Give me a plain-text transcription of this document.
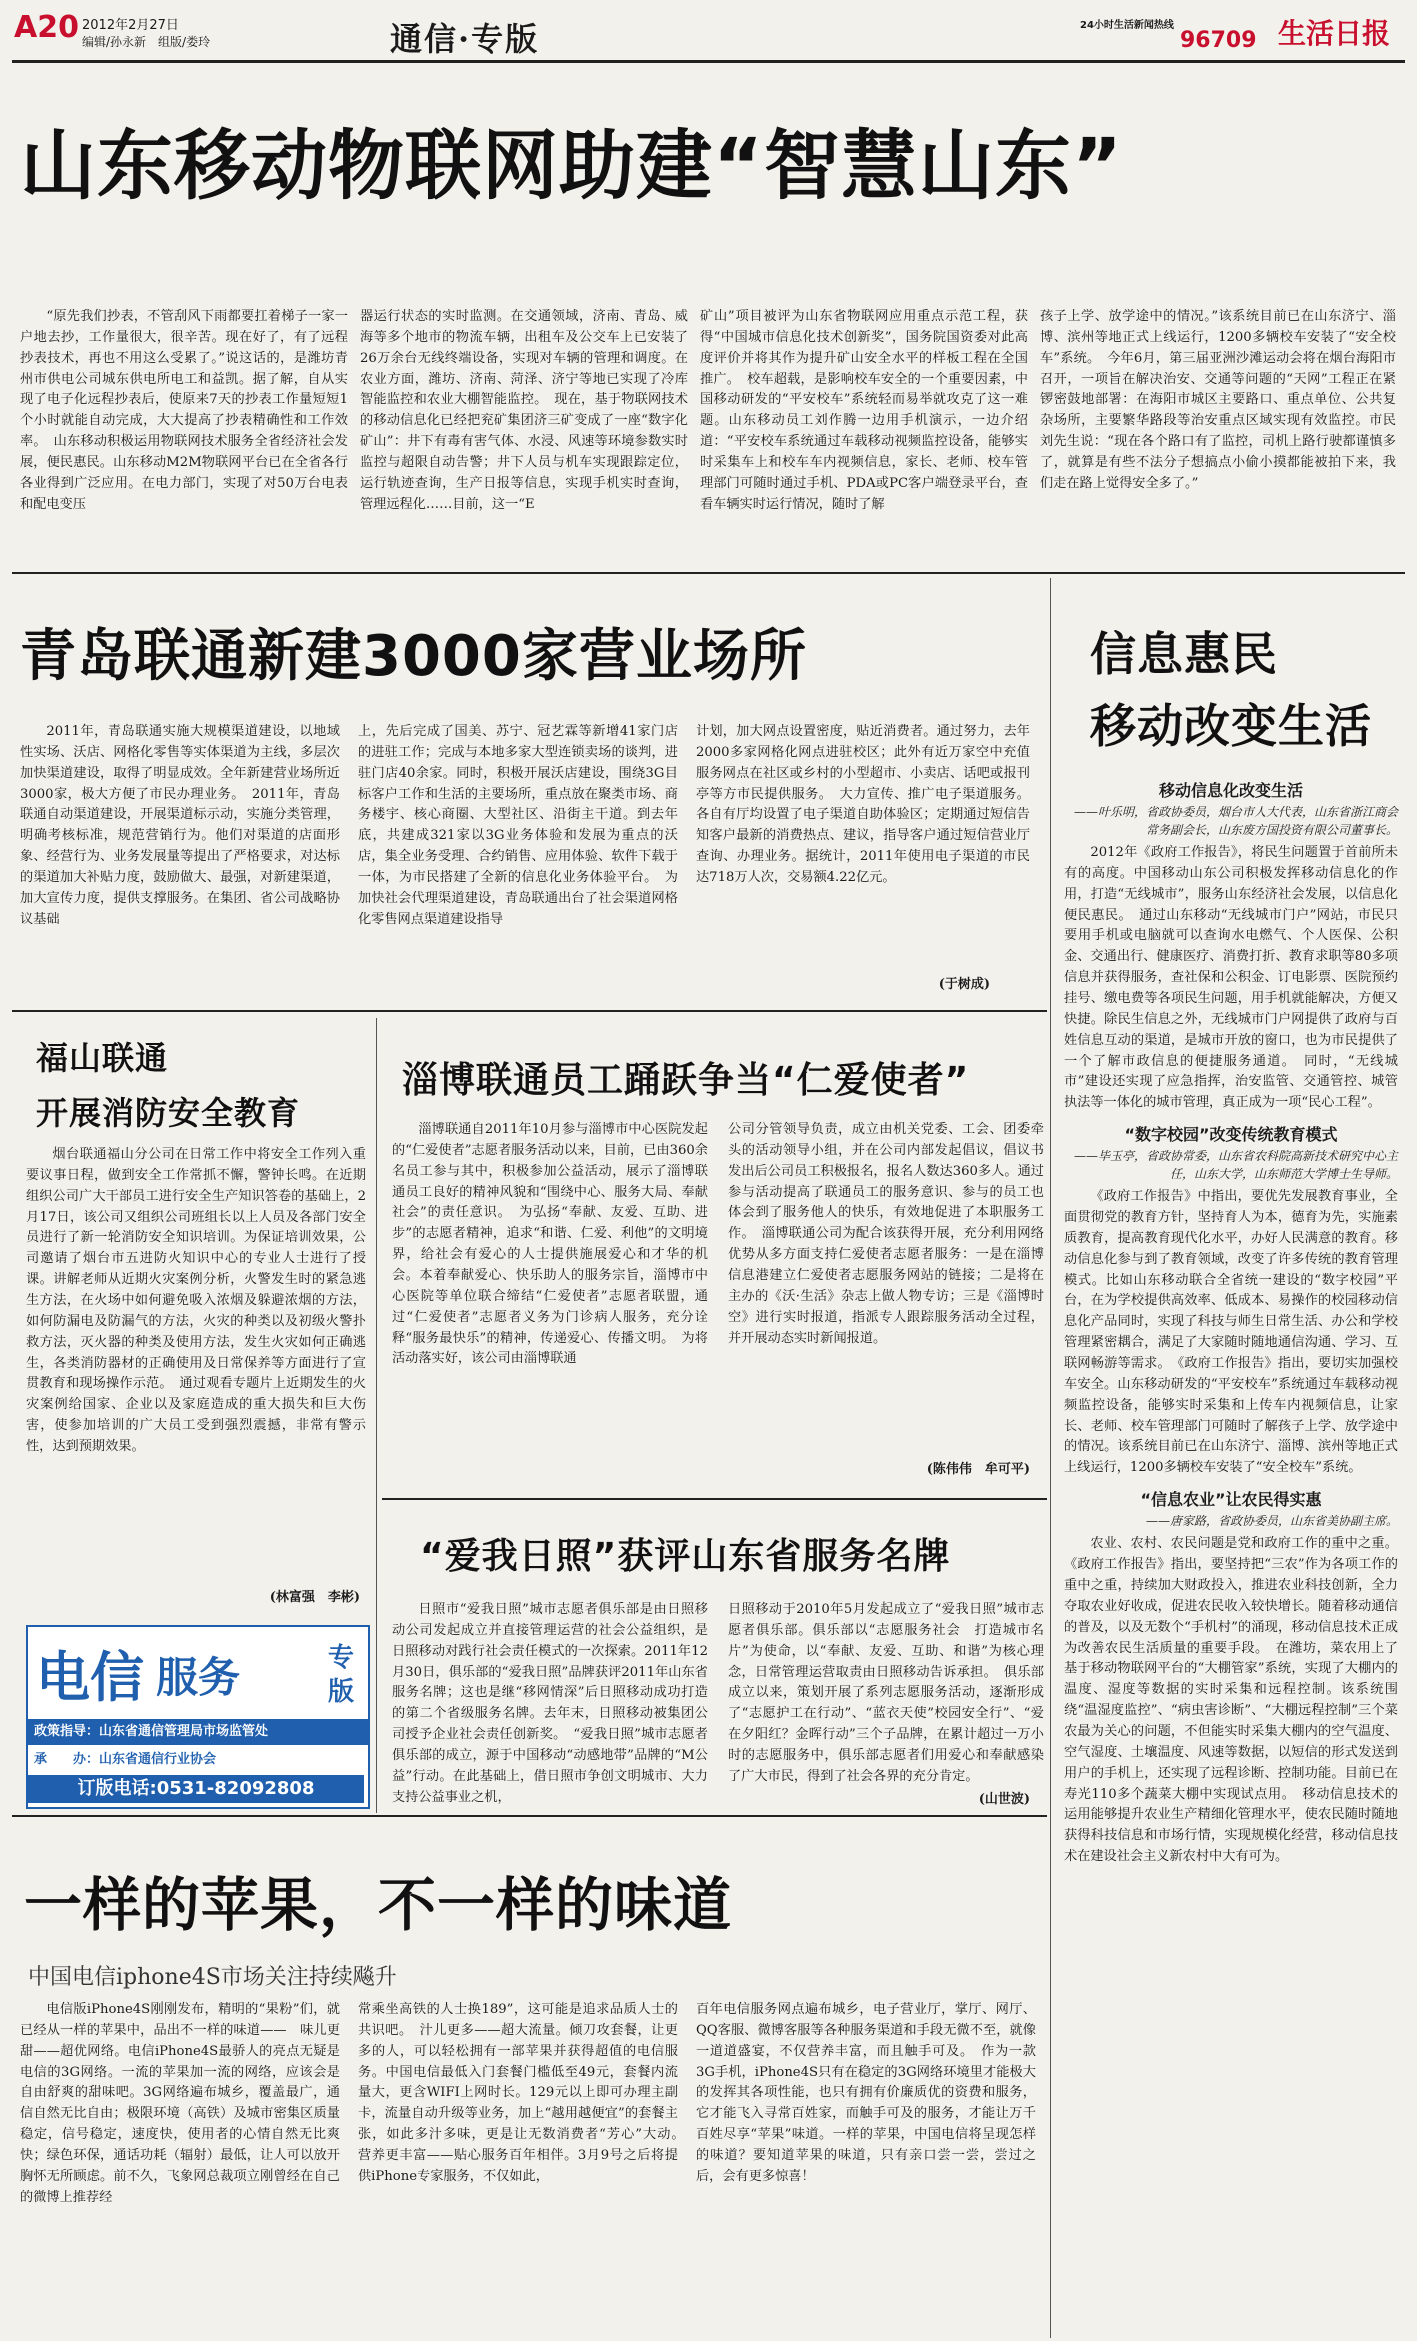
A20 2012年2月27日
编辑/孙永新　组版/娄玲	通信·专版	24小时生活新闻热线
96709 生活日报
山东移动物联网助建“智慧山东”

“原先我们抄表，不管刮风下雨都要扛着梯子一家一户地去抄，工作量很大，很辛苦。现在好了，有了远程抄表技术，再也不用这么受累了。”说这话的，是潍坊青州市供电公司城东供电所电工和益凯。据了解，自从实现了电子化远程抄表后，使原来7天的抄表工作量短短1个小时就能自动完成，大大提高了抄表精确性和工作效率。　山东移动积极运用物联网技术服务全省经济社会发展，便民惠民。山东移动M2M物联网平台已在全省各行各业得到广泛应用。在电力部门，实现了对50万台电表和配电变压

器运行状态的实时监测。在交通领域，济南、青岛、威海等多个地市的物流车辆，出租车及公交车上已安装了26万余台无线终端设备，实现对车辆的管理和调度。在农业方面，潍坊、济南、菏泽、济宁等地已实现了冷库智能监控和农业大棚智能监控。　现在，基于物联网技术的移动信息化已经把兖矿集团济三矿变成了一座“数字化矿山”：井下有毒有害气体、水浸、风速等环境参数实时监控与超限自动告警；井下人员与机车实现跟踪定位，运行轨迹查询，生产日报等信息，实现手机实时查询，管理远程化……目前，这一“E

矿山”项目被评为山东省物联网应用重点示范工程，获得“中国城市信息化技术创新奖”，国务院国资委对此高度评价并将其作为提升矿山安全水平的样板工程在全国推广。　校车超载，是影响校车安全的一个重要因素，中国移动研发的“平安校车”系统轻而易举就攻克了这一难题。山东移动员工刘作腾一边用手机演示，一边介绍道：“平安校车系统通过车载移动视频监控设备，能够实时采集车上和校车车内视频信息，家长、老师、校车管理部门可随时通过手机、PDA或PC客户端登录平台，查看车辆实时运行情况，随时了解

孩子上学、放学途中的情况。”该系统目前已在山东济宁、淄博、滨州等地正式上线运行，1200多辆校车安装了“安全校车”系统。　今年6月，第三届亚洲沙滩运动会将在烟台海阳市召开，一项旨在解决治安、交通等问题的“天网”工程正在紧锣密鼓地部署：在海阳市城区主要路口、重点单位、公共复杂场所，主要繁华路段等治安重点区域实现有效监控。市民刘先生说：“现在各个路口有了监控，司机上路行驶都谨慎多了，就算是有些不法分子想搞点小偷小摸都能被拍下来，我们走在路上觉得安全多了。”

青岛联通新建3000家营业场所

2011年，青岛联通实施大规模渠道建设，以地域性实场、沃店、网格化零售等实体渠道为主线，多层次加快渠道建设，取得了明显成效。全年新建营业场所近3000家，极大方便了市民办理业务。　2011年，青岛联通自动渠道建设，开展渠道标示动，实施分类管理，明确考核标准，规范营销行为。他们对渠道的店面形象、经营行为、业务发展量等提出了严格要求，对达标的渠道加大补贴力度，鼓励做大、最强，对新建渠道，加大宣传力度，提供支撑服务。在集团、省公司战略协议基础

上，先后完成了国美、苏宁、冠艺霖等新增41家门店的进驻工作；完成与本地多家大型连锁卖场的谈判，进驻门店40余家。同时，积极开展沃店建设，围绕3G目标客户工作和生活的主要场所，重点放在聚类市场、商务楼宇、核心商圈、大型社区、沿街主干道。到去年底，共建成321家以3G业务体验和发展为重点的沃店，集全业务受理、合约销售、应用体验、软件下载于一体，为市民搭建了全新的信息化业务体验平台。　为加快社会代理渠道建设，青岛联通出台了社会渠道网格化零售网点渠道建设指导

计划，加大网点设置密度，贴近消费者。通过努力，去年2000多家网格化网点进驻校区；此外有近万家空中充值服务网点在社区或乡村的小型超市、小卖店、话吧或报刊亭等方市民提供服务。　大力宣传、推广电子渠道服务。各自有厅均设置了电子渠道自助体验区；定期通过短信告知客户最新的消费热点、建议，指导客户通过短信营业厅查询、办理业务。据统计，2011年使用电子渠道的市民达718万人次，交易额4.22亿元。

(于树成)
信息惠民
移动改变生活
移动信息化改变生活
——叶乐明，省政协委员，烟台市人大代表，山东省浙江商会常务副会长，山东废方国投资有限公司董事长。

2012年《政府工作报告》，将民生问题置于首前所未有的高度。中国移动山东公司积极发挥移动信息化的作用，打造“无线城市”，服务山东经济社会发展，以信息化便民惠民。　通过山东移动“无线城市门户”网站，市民只要用手机或电脑就可以查询水电燃气、个人医保、公积金、交通出行、健康医疗、消费打折、教育求职等80多项信息并获得服务，查社保和公积金、订电影票、医院预约挂号、缴电费等各项民生问题，用手机就能解决，方便又快捷。除民生信息之外，无线城市门户网提供了政府与百姓信息互动的渠道，是城市开放的窗口，也为市民提供了一个了解市政信息的便捷服务通道。　同时，“无线城市”建设还实现了应急指挥，治安监管、交通管控、城管执法等一体化的城市管理，真正成为一项“民心工程”。

“数字校园”改变传统教育模式
——毕玉亭，省政协常委，山东省农科院高新技术研究中心主任，山东大学，山东师范大学博士生导师。

《政府工作报告》中指出，要优先发展教育事业，全面贯彻党的教育方针，坚持育人为本，德育为先，实施素质教育，提高教育现代化水平，办好人民满意的教育。移动信息化参与到了教育领域，改变了许多传统的教育管理模式。比如山东移动联合全省统一建设的“数字校园”平台，在为学校提供高效率、低成本、易操作的校园移动信息化产品同时，实现了科技与师生日常生活、办公和学校管理紧密耦合，满足了大家随时随地通信沟通、学习、互联网畅游等需求。　《政府工作报告》指出，要切实加强校车安全。山东移动研发的“平安校车”系统通过车载移动视频监控设备，能够实时采集和上传车内视频信息，让家长、老师、校车管理部门可随时了解孩子上学、放学途中的情况。该系统目前已在山东济宁、淄博、滨州等地正式上线运行，1200多辆校车安装了“安全校车”系统。

“信息农业”让农民得实惠
——唐家路，省政协委员，山东省美协副主席。

农业、农村、农民问题是党和政府工作的重中之重。《政府工作报告》指出，要坚持把“三农”作为各项工作的重中之重，持续加大财政投入，推进农业科技创新，全力夺取农业好收成，促进农民收入较快增长。随着移动通信的普及，以及无数个“手机村”的涌现，移动信息技术正成为改善农民生活质量的重要手段。　在潍坊，菜农用上了基于移动物联网平台的“大棚管家”系统，实现了大棚内的温度、湿度等数据的实时采集和远程控制。该系统围绕“温湿度监控”、“病虫害诊断”、“大棚远程控制”三个菜农最为关心的问题，不但能实时采集大棚内的空气温度、空气湿度、土壤温度、风速等数据，以短信的形式发送到用户的手机上，还实现了远程诊断、控制功能。目前已在寿光110多个蔬菜大棚中实现试点用。　移动信息技术的运用能够提升农业生产精细化管理水平，使农民随时随地获得科技信息和市场行情，实现规模化经营，移动信息技术在建设社会主义新农村中大有可为。

福山联通
开展消防安全教育

烟台联通福山分公司在日常工作中将安全工作列入重要议事日程，做到安全工作常抓不懈，警钟长鸣。在近期组织公司广大干部员工进行安全生产知识答卷的基础上，2月17日，该公司又组织公司班组长以上人员及各部门安全员进行了新一轮消防安全知识培训。为保证培训效果，公司邀请了烟台市五进防火知识中心的专业人士进行了授课。讲解老师从近期火灾案例分析，火警发生时的紧急逃生方法，在火场中如何避免吸入浓烟及躲避浓烟的方法，如何防漏电及防漏气的方法，火灾的种类以及初级火警扑救方法，灭火器的种类及使用方法，发生火灾如何正确逃生，各类消防器材的正确使用及日常保养等方面进行了宣贯教育和现场操作示范。　通过观看专题片上近期发生的火灾案例给国家、企业以及家庭造成的重大损失和巨大伤害，使参加培训的广大员工受到强烈震撼，非常有警示性，达到预期效果。

(林富强　李彬)
淄博联通员工踊跃争当“仁爱使者”

淄博联通自2011年10月参与淄博市中心医院发起的“仁爱使者”志愿者服务活动以来，目前，已由360余名员工参与其中，积极参加公益活动，展示了淄博联通员工良好的精神风貌和“围绕中心、服务大局、奉献社会”的责任意识。　为弘扬“奉献、友爱、互助、进步”的志愿者精神，追求“和谐、仁爱、利他”的文明境界，给社会有爱心的人士提供施展爱心和才华的机会。本着奉献爱心、快乐助人的服务宗旨，淄博市中心医院等单位联合缔结“仁爱使者”志愿者联盟，通过“仁爱使者”志愿者义务为门诊病人服务，充分诠释“服务最快乐”的精神，传递爱心、传播文明。　为将活动落实好，该公司由淄博联通

公司分管领导负责，成立由机关党委、工会、团委牵头的活动领导小组，并在公司内部发起倡议，倡议书发出后公司员工积极报名，报名人数达360多人。通过参与活动提高了联通员工的服务意识、参与的员工也体会到了服务他人的快乐，有效地促进了本职服务工作。　淄博联通公司为配合该获得开展，充分利用网络优势从多方面支持仁爱使者志愿者服务：一是在淄博信息港建立仁爱使者志愿服务网站的链接；二是将在主办的《沃·生活》杂志上做人物专访；三是《淄博时空》进行实时报道，指派专人跟踪服务活动全过程，并开展动态实时新闻报道。

(陈伟伟　牟可平)
“爱我日照”获评山东省服务名牌

日照市“爱我日照”城市志愿者俱乐部是由日照移动公司发起成立并直接管理运营的社会公益组织，是日照移动对践行社会责任模式的一次探索。2011年12月30日，俱乐部的“爱我日照”品牌获评2011年山东省服务名牌；这也是继“移网情深”后日照移动成功打造的第二个省级服务名牌。去年末，日照移动被集团公司授予企业社会责任创新奖。　“爱我日照”城市志愿者俱乐部的成立，源于中国移动“动感地带”品牌的“M公益”行动。在此基础上，借日照市争创文明城市、大力支持公益事业之机，

日照移动于2010年5月发起成立了“爱我日照”城市志愿者俱乐部。俱乐部以“志愿服务社会　打造城市名片”为使命，以“奉献、友爱、互助、和谐”为核心理念，日常管理运营取责由日照移动告诉承担。　俱乐部成立以来，策划开展了系列志愿服务活动，逐渐形成了“志愿护工在行动”、“蓝衣天使”校园安全行”、“爱在夕阳红？金晖行动”三个子品牌，在累计超过一万小时的志愿服务中，俱乐部志愿者们用爱心和奉献感染了广大市民，得到了社会各界的充分肯定。

(山世波)
电信 服务	专
版
政策指导：山东省通信管理局市场监管处
承　　办：山东省通信行业协会
订版电话:0531-82092808
一样的苹果，不一样的味道
中国电信iphone4S市场关注持续飚升

电信版iPhone4S刚刚发布，精明的“果粉”们，就已经从一样的苹果中，品出不一样的味道——　味儿更甜——超优网络。电信iPhone4S最骄人的亮点无疑是电信的3G网络。一流的苹果加一流的网络，应该会是自由舒爽的甜味吧。3G网络遍布城乡，覆盖最广，通信自然无比自由；极限环境（高铁）及城市密集区质量稳定，信号稳定，速度快，使用者的心情自然无比爽快；绿色环保，通话功耗（辐射）最低，让人可以放开胸怀无所顾虑。前不久，飞象网总裁项立刚曾经在自己的微博上推荐经

常乘坐高铁的人士换189”，这可能是追求品质人士的共识吧。　汁儿更多——超大流量。倾刀攻套餐，让更多的人，可以轻松拥有一部苹果并获得超值的电信服务。中国电信最低入门套餐门槛低至49元，套餐内流量大，更含WIFI上网时长。129元以上即可办理主副卡，流量自动升级等业务，加上“越用越便宜”的套餐主张，如此多汁多味，更是让无数消费者“芳心”大动。　营养更丰富——贴心服务百年相伴。3月9号之后将提供iPhone专家服务，不仅如此，

百年电信服务网点遍布城乡，电子营业厅，掌厅、网厅、QQ客服、微博客服等各种服务渠道和手段无微不至，就像一道道盛宴，不仅营养丰富，而且触手可及。　作为一款3G手机，iPhone4S只有在稳定的3G网络环境里才能极大的发挥其各项性能，也只有拥有价廉质优的资费和服务，它才能飞入寻常百姓家，而触手可及的服务，才能让万千百姓尽享“苹果”味道。一样的苹果，中国电信将呈现怎样的味道？要知道苹果的味道，只有亲口尝一尝，尝过之后，会有更多惊喜！
